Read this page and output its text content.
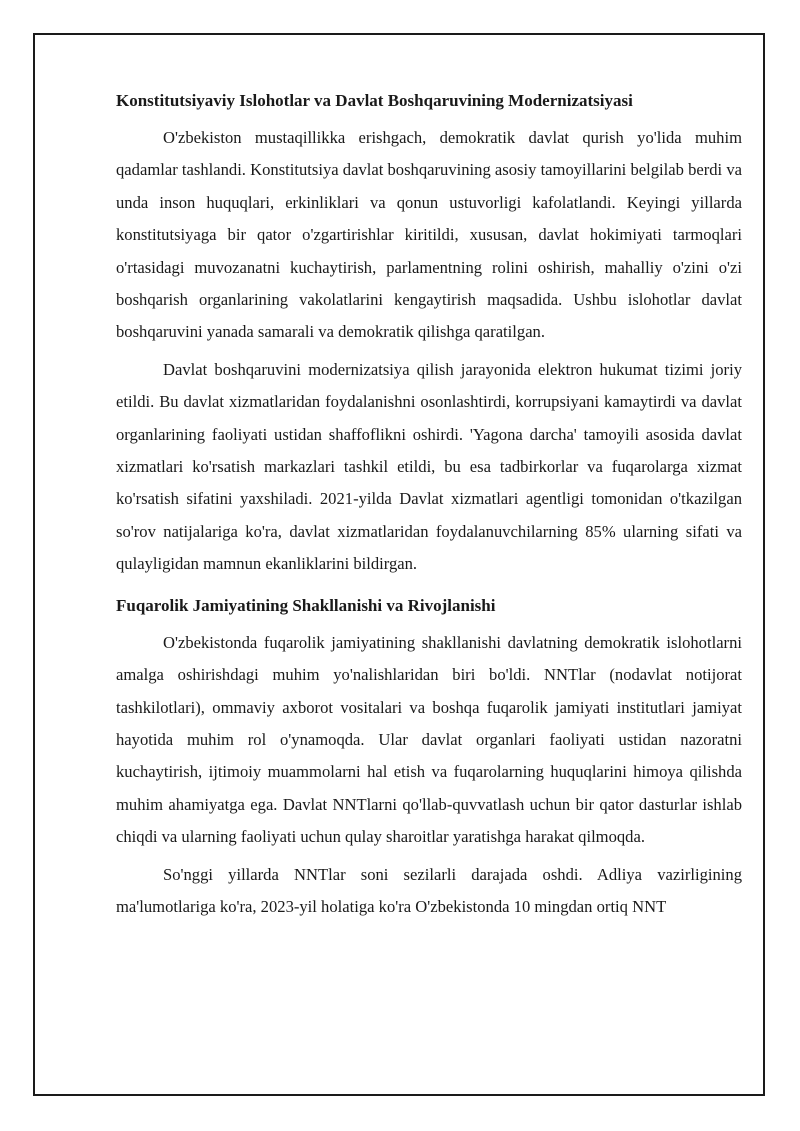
Konstitutsiyaviy Islohotlar va Davlat Boshqaruvining Modernizatsiyasi

O'zbekiston mustaqillikka erishgach, demokratik davlat qurish yo'lida muhim qadamlar tashlandi. Konstitutsiya davlat boshqaruvining asosiy tamoyillarini belgilab berdi va unda inson huquqlari, erkinliklari va qonun ustuvorligi kafolatlandi. Keyingi yillarda konstitutsiyaga bir qator o'zgartirishlar kiritildi, xususan, davlat hokimiyati tarmoqlari o'rtasidagi muvozanatni kuchaytirish, parlamentning rolini oshirish, mahalliy o'zini o'zi boshqarish organlarining vakolatlarini kengaytirish maqsadida. Ushbu islohotlar davlat boshqaruvini yanada samarali va demokratik qilishga qaratilgan.

Davlat boshqaruvini modernizatsiya qilish jarayonida elektron hukumat tizimi joriy etildi. Bu davlat xizmatlaridan foydalanishni osonlashtirdi, korrupsiyani kamaytirdi va davlat organlarining faoliyati ustidan shaffoflikni oshirdi. 'Yagona darcha' tamoyili asosida davlat xizmatlari ko'rsatish markazlari tashkil etildi, bu esa tadbirkorlar va fuqarolarga xizmat ko'rsatish sifatini yaxshiladi. 2021-yilda Davlat xizmatlari agentligi tomonidan o'tkazilgan so'rov natijalariga ko'ra, davlat xizmatlaridan foydalanuvchilarning 85% ularning sifati va qulayligidan mamnun ekanliklarini bildirgan.

Fuqarolik Jamiyatining Shakllanishi va Rivojlanishi

O'zbekistonda fuqarolik jamiyatining shakllanishi davlatning demokratik islohotlarni amalga oshirishdagi muhim yo'nalishlaridan biri bo'ldi. NNTlar (nodavlat notijorat tashkilotlari), ommaviy axborot vositalari va boshqa fuqarolik jamiyati institutlari jamiyat hayotida muhim rol o'ynamoqda. Ular davlat organlari faoliyati ustidan nazoratni kuchaytirish, ijtimoiy muammolarni hal etish va fuqarolarning huquqlarini himoya qilishda muhim ahamiyatga ega. Davlat NNTlarni qo'llab-quvvatlash uchun bir qator dasturlar ishlab chiqdi va ularning faoliyati uchun qulay sharoitlar yaratishga harakat qilmoqda.

So'nggi yillarda NNTlar soni sezilarli darajada oshdi. Adliya vazirligining ma'lumotlariga ko'ra, 2023-yil holatiga ko'ra O'zbekistonda 10 mingdan ortiq NNT
